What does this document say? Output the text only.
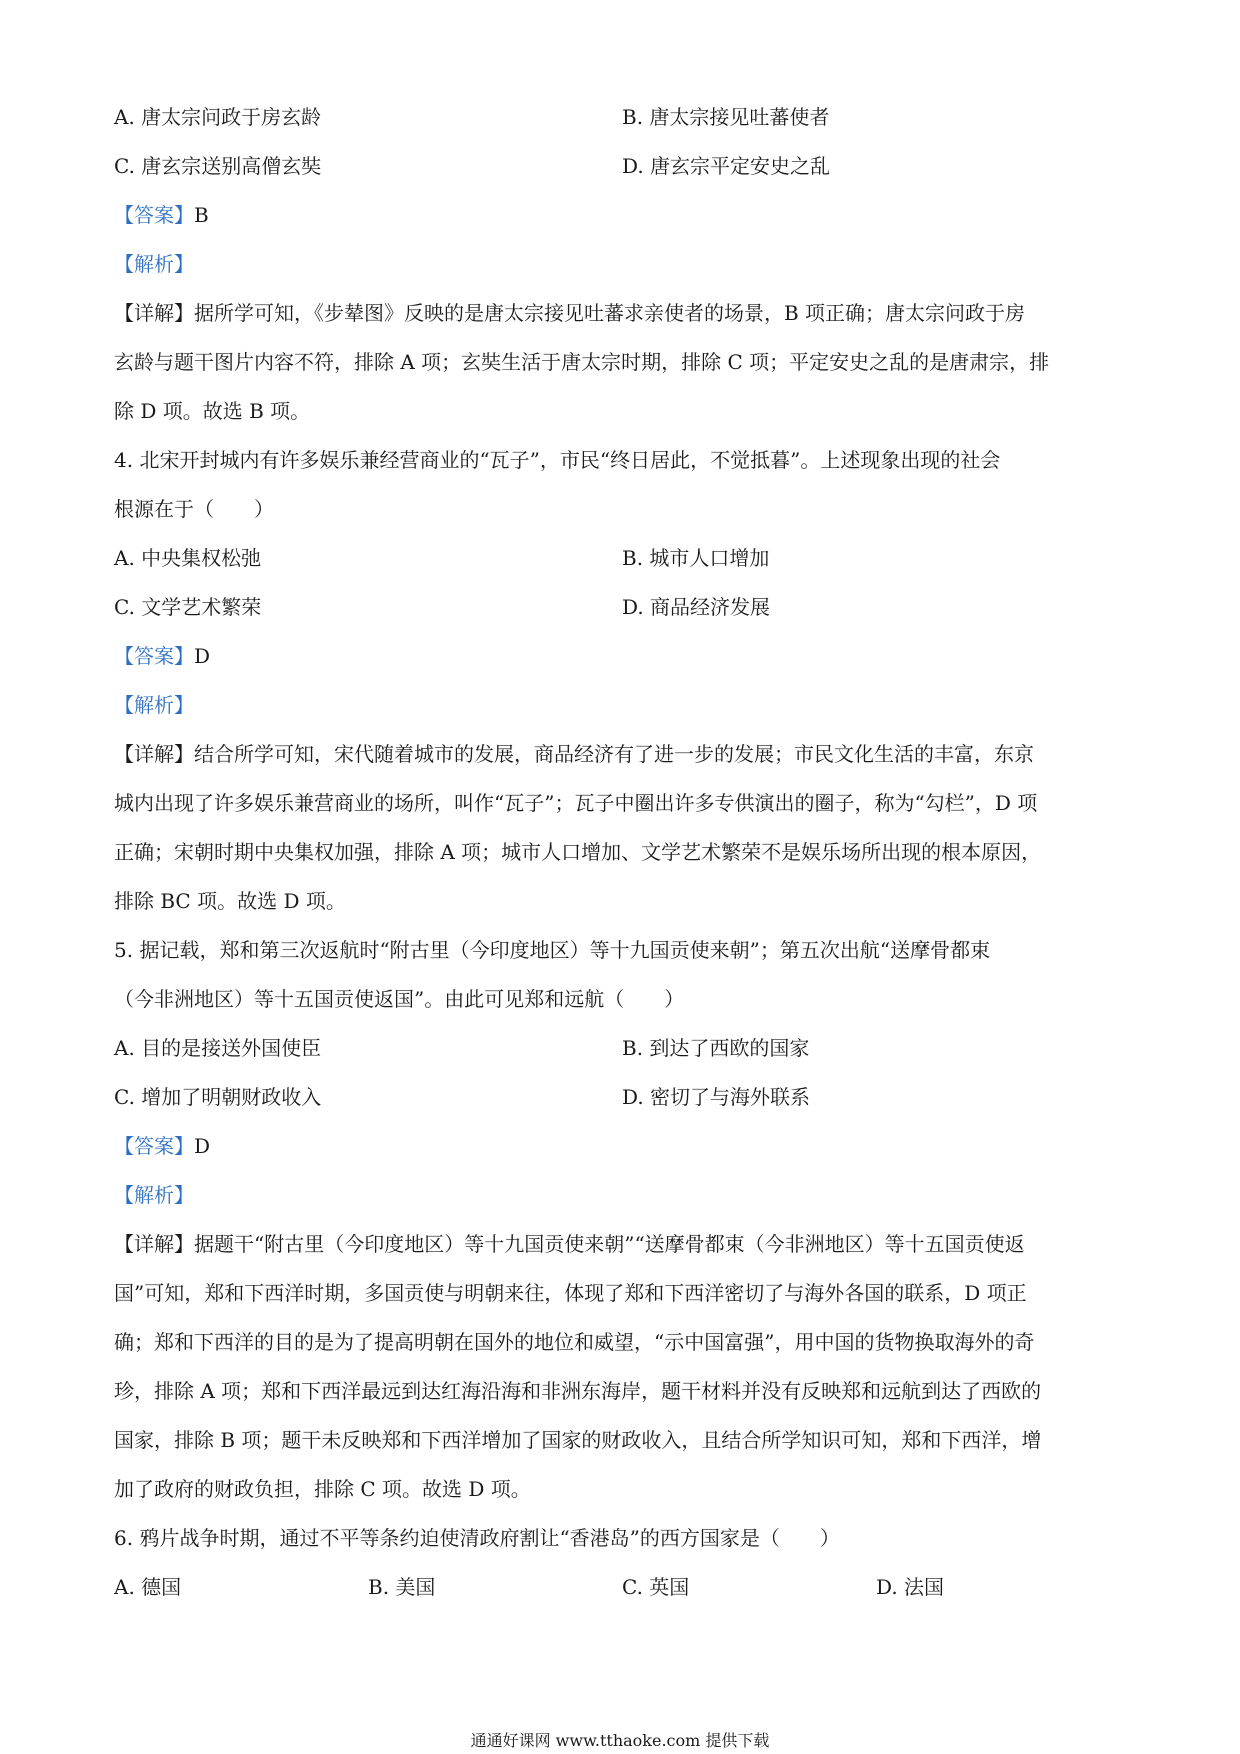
A. 唐太宗问政于房玄龄	B. 唐太宗接见吐蕃使者
C. 唐玄宗送别高僧玄奘	D. 唐玄宗平定安史之乱
【答案】B
【解析】
【详解】据所学可知，《步辇图》反映的是唐太宗接见吐蕃求亲使者的场景，B 项正确；唐太宗问政于房
玄龄与题干图片内容不符，排除 A 项；玄奘生活于唐太宗时期，排除 C 项；平定安史之乱的是唐肃宗，排
除 D 项。故选 B 项。
4. 北宋开封城内有许多娱乐兼经营商业的“瓦子”，市民“终日居此，不觉抵暮”。上述现象出现的社会
根源在于（　　）
A. 中央集权松弛	B. 城市人口增加
C. 文学艺术繁荣	D. 商品经济发展
【答案】D
【解析】
【详解】结合所学可知，宋代随着城市的发展，商品经济有了进一步的发展；市民文化生活的丰富，东京
城内出现了许多娱乐兼营商业的场所，叫作“瓦子”；瓦子中圈出许多专供演出的圈子，称为“勾栏”，D 项
正确；宋朝时期中央集权加强，排除 A 项；城市人口增加、文学艺术繁荣不是娱乐场所出现的根本原因，
排除 BC 项。故选 D 项。
5. 据记载，郑和第三次返航时“附古里（今印度地区）等十九国贡使来朝”；第五次出航“送摩骨都束
（今非洲地区）等十五国贡使返国”。由此可见郑和远航（　　）
A. 目的是接送外国使臣	B. 到达了西欧的国家
C. 增加了明朝财政收入	D. 密切了与海外联系
【答案】D
【解析】
【详解】据题干“附古里（今印度地区）等十九国贡使来朝”“送摩骨都束（今非洲地区）等十五国贡使返
国”可知，郑和下西洋时期，多国贡使与明朝来往，体现了郑和下西洋密切了与海外各国的联系，D 项正
确；郑和下西洋的目的是为了提高明朝在国外的地位和威望，“示中国富强”，用中国的货物换取海外的奇
珍，排除 A 项；郑和下西洋最远到达红海沿海和非洲东海岸，题干材料并没有反映郑和远航到达了西欧的
国家，排除 B 项；题干未反映郑和下西洋增加了国家的财政收入，且结合所学知识可知，郑和下西洋，增
加了政府的财政负担，排除 C 项。故选 D 项。
6. 鸦片战争时期，通过不平等条约迫使清政府割让“香港岛”的西方国家是（　　）
A. 德国	B. 美国	C. 英国	D. 法国
通通好课网 www.tthaoke.com 提供下载
